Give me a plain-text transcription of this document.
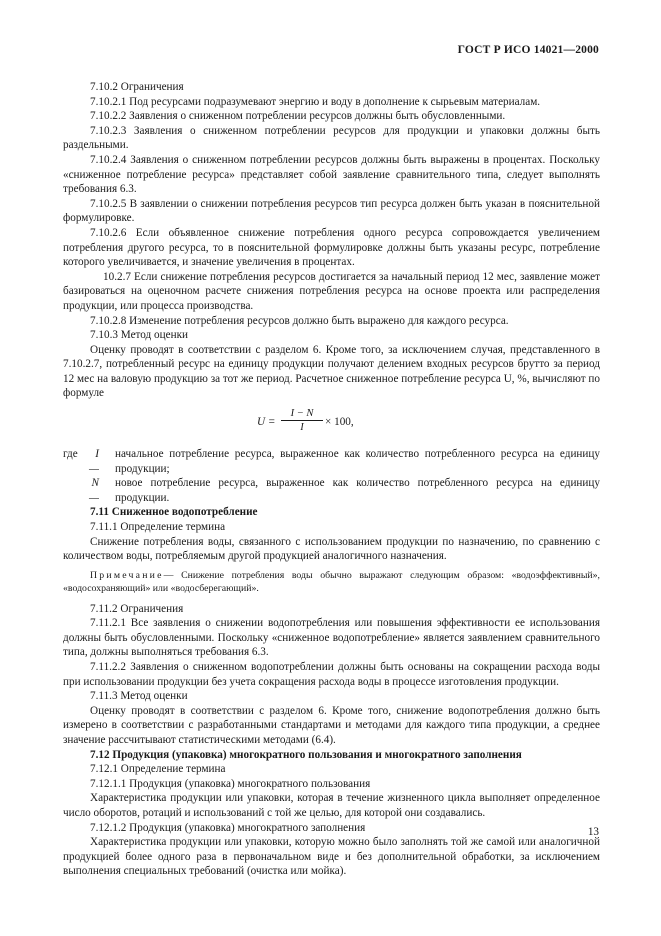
ГОСТ Р ИСО 14021—2000

7.10.2 Ограничения

7.10.2.1 Под ресурсами подразумевают энергию и воду в дополнение к сырьевым материалам.

7.10.2.2 Заявления о сниженном потреблении ресурсов должны быть обусловленными.

7.10.2.3 Заявления о сниженном потреблении ресурсов для продукции и упаковки должны быть раздельными.

7.10.2.4 Заявления о сниженном потреблении ресурсов должны быть выражены в процентах. Поскольку «сниженное потребление ресурса» представляет собой заявление сравнительного типа, следует выполнять требования 6.3.

7.10.2.5 В заявлении о снижении потребления ресурсов тип ресурса должен быть указан в пояснительной формулировке.

7.10.2.6 Если объявленное снижение потребления одного ресурса сопровождается увеличением потребления другого ресурса, то в пояснительной формулировке должны быть указаны ресурс, потребление которого увеличивается, и значение увеличения в процентах.

10.2.7 Если снижение потребления ресурсов достигается за начальный период 12 мес, заявление может базироваться на оценочном расчете снижения потребления ресурса на основе проекта или распределения продукции, или процесса производства.

7.10.2.8 Изменение потребления ресурсов должно быть выражено для каждого ресурса.

7.10.3 Метод оценки

Оценку проводят в соответствии с разделом 6. Кроме того, за исключением случая, представленного в 7.10.2.7, потребленный ресурс на единицу продукции получают делением входных ресурсов брутто за период 12 мес на валовую продукцию за тот же период. Расчетное сниженное потребление ресурса U, %, вычисляют по формуле

$U = \frac{I - N}{I} \times 100$,
где	I —
начальное потребление ресурса, выраженное как количество потребленного ресурса на единицу продукции;
N —
новое потребление ресурса, выраженное как количество потребленного ресурса на единицу продукции.

7.11 Сниженное водопотребление

7.11.1 Определение термина

Снижение потребления воды, связанного с использованием продукции по назначению, по сравнению с количеством воды, потребляемым другой продукцией аналогичного назначения.

Примечание— Снижение потребления воды обычно выражают следующим образом: «водоэффективный», «водосохраняющий» или «водосберегающий».

7.11.2 Ограничения

7.11.2.1 Все заявления о снижении водопотребления или повышения эффективности ее использования должны быть обусловленными. Поскольку «сниженное водопотребление» является заявлением сравнительного типа, должны выполняться требования 6.3.

7.11.2.2 Заявления о сниженном водопотреблении должны быть основаны на сокращении расхода воды при использовании продукции без учета сокращения расхода воды в процессе изготовления продукции.

7.11.3 Метод оценки

Оценку проводят в соответствии с разделом 6. Кроме того, снижение водопотребления должно быть измерено в соответствии с разработанными стандартами и методами для каждого типа продукции, а среднее значение рассчитывают статистическими методами (6.4).

7.12 Продукция (упаковка) многократного пользования и многократного заполнения

7.12.1 Определение термина

7.12.1.1 Продукция (упаковка) многократного пользования

Характеристика продукции или упаковки, которая в течение жизненного цикла выполняет определенное число оборотов, ротаций и использований с той же целью, для которой они создавались.

7.12.1.2 Продукция (упаковка) многократного заполнения

Характеристика продукции или упаковки, которую можно было заполнять той же самой или аналогичной продукцией более одного раза в первоначальном виде и без дополнительной обработки, за исключением выполнения специальных требований (очистка или мойка).

13
